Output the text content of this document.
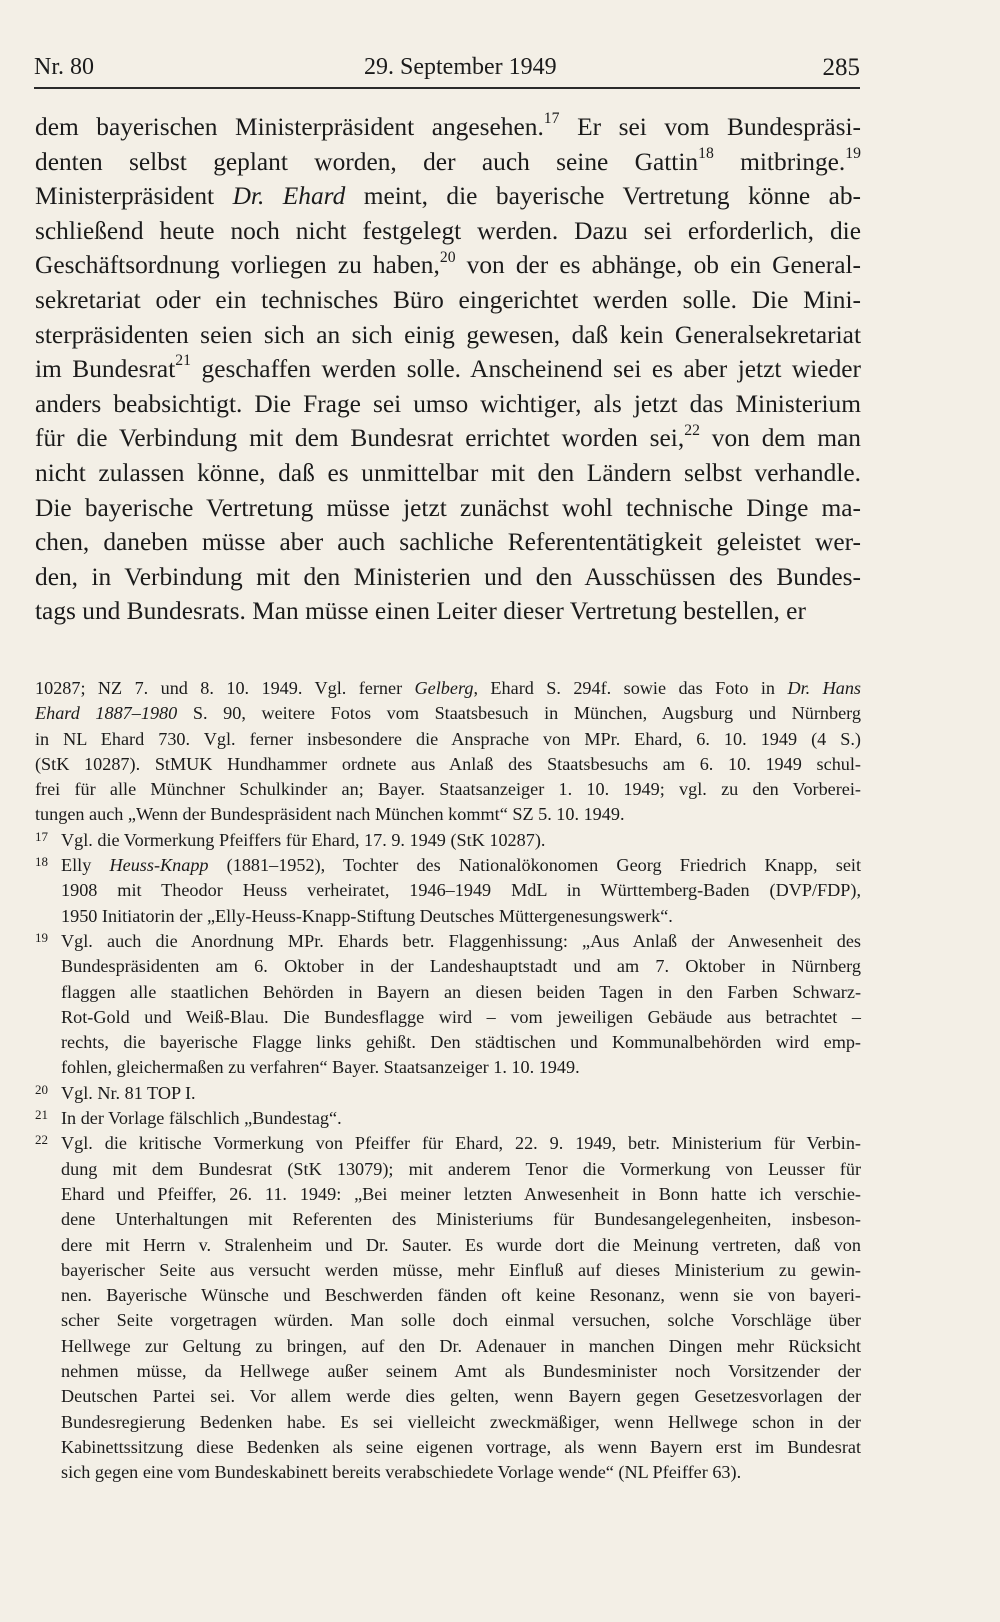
Nr. 80	29. September 1949	285
dem bayerischen Ministerpräsident angesehen.$^{17}$ Er sei vom Bundespräsi-
denten selbst geplant worden, der auch seine Gattin$^{18}$ mitbringe.$^{19}$
Ministerpräsident Dr. Ehard meint, die bayerische Vertretung könne ab-
schließend heute noch nicht festgelegt werden. Dazu sei erforderlich, die
Geschäftsordnung vorliegen zu haben,$^{20}$ von der es abhänge, ob ein General-
sekretariat oder ein technisches Büro eingerichtet werden solle. Die Mini-
sterpräsidenten seien sich an sich einig gewesen, daß kein Generalsekretariat
im Bundesrat$^{21}$ geschaffen werden solle. Anscheinend sei es aber jetzt wieder
anders beabsichtigt. Die Frage sei umso wichtiger, als jetzt das Ministerium
für die Verbindung mit dem Bundesrat errichtet worden sei,$^{22}$ von dem man
nicht zulassen könne, daß es unmittelbar mit den Ländern selbst verhandle.
Die bayerische Vertretung müsse jetzt zunächst wohl technische Dinge ma-
chen, daneben müsse aber auch sachliche Referententätigkeit geleistet wer-
den, in Verbindung mit den Ministerien und den Ausschüssen des Bundes-
tags und Bundesrats. Man müsse einen Leiter dieser Vertretung bestellen, er
10287; NZ 7. und 8. 10. 1949. Vgl. ferner Gelberg, Ehard S. 294f. sowie das Foto in Dr. Hans
Ehard 1887–1980 S. 90, weitere Fotos vom Staatsbesuch in München, Augsburg und Nürnberg
in NL Ehard 730. Vgl. ferner insbesondere die Ansprache von MPr. Ehard, 6. 10. 1949 (4 S.)
(StK 10287). StMUK Hundhammer ordnete aus Anlaß des Staatsbesuchs am 6. 10. 1949 schul-
frei für alle Münchner Schulkinder an; Bayer. Staatsanzeiger 1. 10. 1949; vgl. zu den Vorberei-
tungen auch „Wenn der Bundespräsident nach München kommt“ SZ 5. 10. 1949.
17 Vgl. die Vormerkung Pfeiffers für Ehard, 17. 9. 1949 (StK 10287).
18 Elly Heuss-Knapp (1881–1952), Tochter des Nationalökonomen Georg Friedrich Knapp, seit
1908 mit Theodor Heuss verheiratet, 1946–1949 MdL in Württemberg-Baden (DVP/FDP),
1950 Initiatorin der „Elly-Heuss-Knapp-Stiftung Deutsches Müttergenesungswerk“.
19 Vgl. auch die Anordnung MPr. Ehards betr. Flaggenhissung: „Aus Anlaß der Anwesenheit des
Bundespräsidenten am 6. Oktober in der Landeshauptstadt und am 7. Oktober in Nürnberg
flaggen alle staatlichen Behörden in Bayern an diesen beiden Tagen in den Farben Schwarz-
Rot-Gold und Weiß-Blau. Die Bundesflagge wird – vom jeweiligen Gebäude aus betrachtet –
rechts, die bayerische Flagge links gehißt. Den städtischen und Kommunalbehörden wird emp-
fohlen, gleichermaßen zu verfahren“ Bayer. Staatsanzeiger 1. 10. 1949.
20 Vgl. Nr. 81 TOP I.
21 In der Vorlage fälschlich „Bundestag“.
22 Vgl. die kritische Vormerkung von Pfeiffer für Ehard, 22. 9. 1949, betr. Ministerium für Verbin-
dung mit dem Bundesrat (StK 13079); mit anderem Tenor die Vormerkung von Leusser für
Ehard und Pfeiffer, 26. 11. 1949: „Bei meiner letzten Anwesenheit in Bonn hatte ich verschie-
dene Unterhaltungen mit Referenten des Ministeriums für Bundesangelegenheiten, insbeson-
dere mit Herrn v. Stralenheim und Dr. Sauter. Es wurde dort die Meinung vertreten, daß von
bayerischer Seite aus versucht werden müsse, mehr Einfluß auf dieses Ministerium zu gewin-
nen. Bayerische Wünsche und Beschwerden fänden oft keine Resonanz, wenn sie von bayeri-
scher Seite vorgetragen würden. Man solle doch einmal versuchen, solche Vorschläge über
Hellwege zur Geltung zu bringen, auf den Dr. Adenauer in manchen Dingen mehr Rücksicht
nehmen müsse, da Hellwege außer seinem Amt als Bundesminister noch Vorsitzender der
Deutschen Partei sei. Vor allem werde dies gelten, wenn Bayern gegen Gesetzesvorlagen der
Bundesregierung Bedenken habe. Es sei vielleicht zweckmäßiger, wenn Hellwege schon in der
Kabinettssitzung diese Bedenken als seine eigenen vortrage, als wenn Bayern erst im Bundesrat
sich gegen eine vom Bundeskabinett bereits verabschiedete Vorlage wende“ (NL Pfeiffer 63).
